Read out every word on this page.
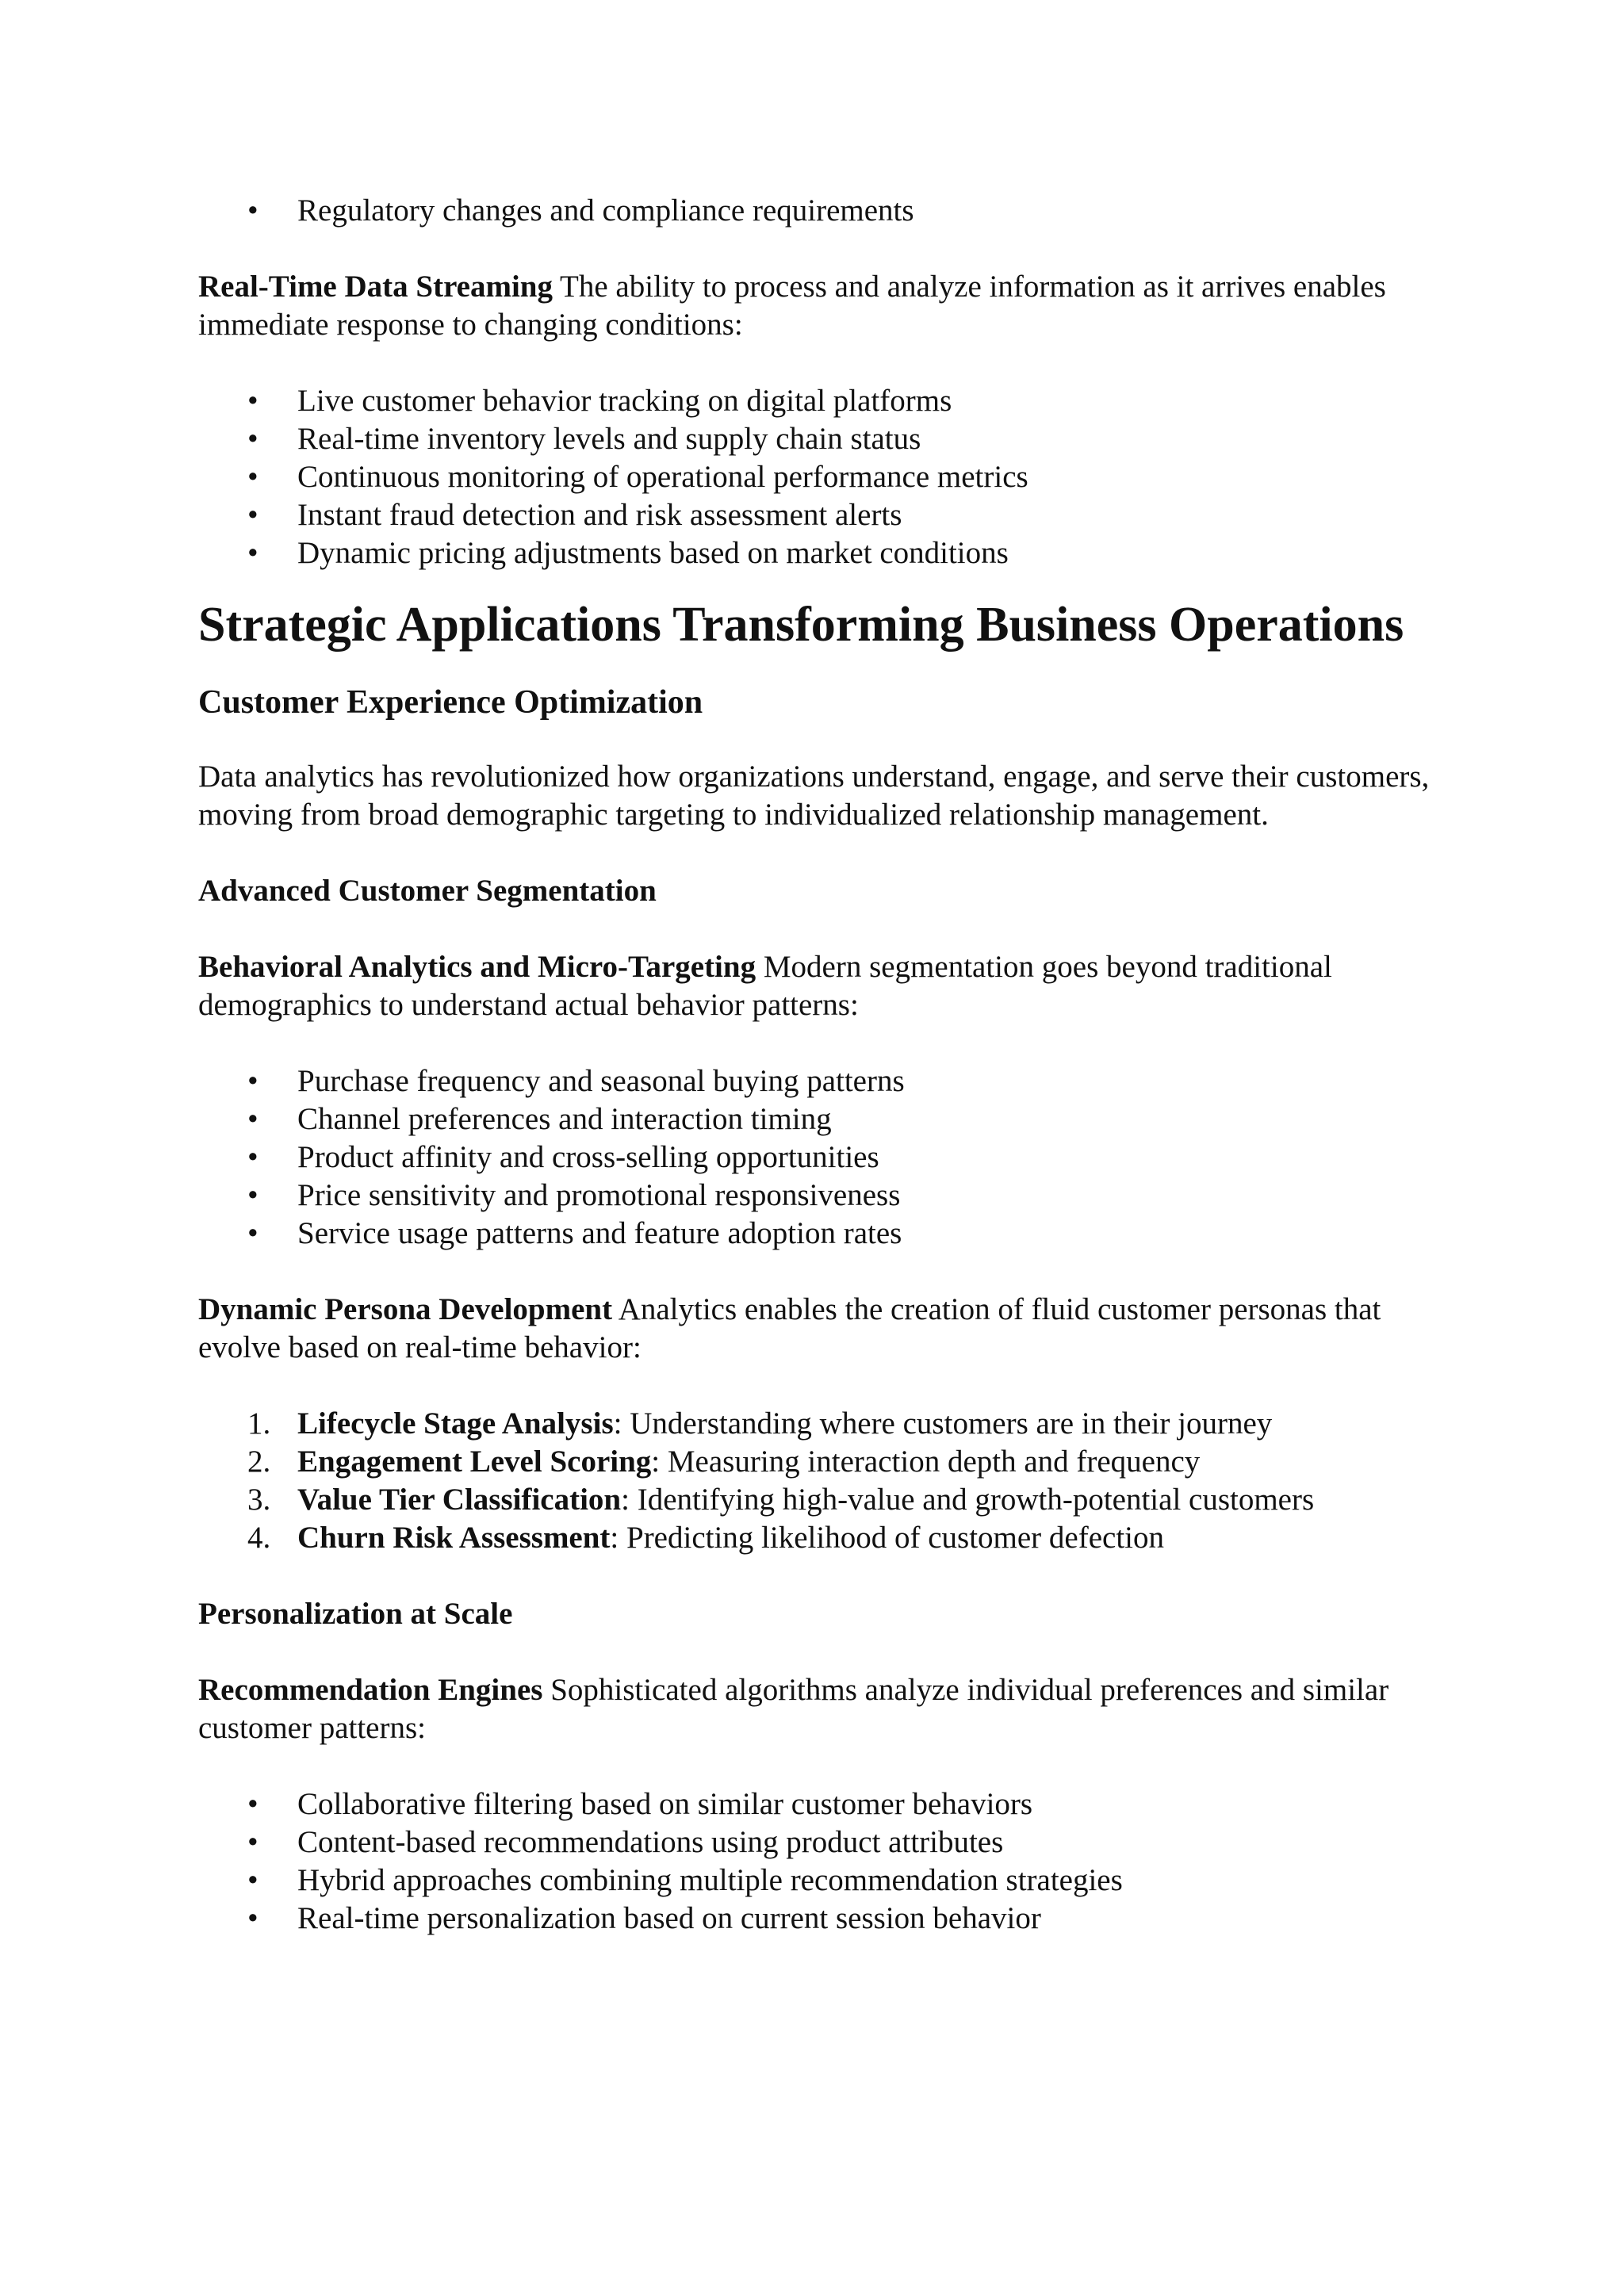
•	Regulatory changes and compliance requirements

Real-Time Data Streaming The ability to process and analyze information as it arrives enables immediate response to changing conditions:

•	Live customer behavior tracking on digital platforms
•	Real-time inventory levels and supply chain status
•	Continuous monitoring of operational performance metrics
•	Instant fraud detection and risk assessment alerts
•	Dynamic pricing adjustments based on market conditions
Strategic Applications Transforming Business Operations
Customer Experience Optimization

Data analytics has revolutionized how organizations understand, engage, and serve their customers, moving from broad demographic targeting to individualized relationship management.

Advanced Customer Segmentation

Behavioral Analytics and Micro-Targeting Modern segmentation goes beyond traditional demographics to understand actual behavior patterns:

•	Purchase frequency and seasonal buying patterns
•	Channel preferences and interaction timing
•	Product affinity and cross-selling opportunities
•	Price sensitivity and promotional responsiveness
•	Service usage patterns and feature adoption rates

Dynamic Persona Development Analytics enables the creation of fluid customer personas that evolve based on real-time behavior:

1. Lifecycle Stage Analysis: Understanding where customers are in their journey
2. Engagement Level Scoring: Measuring interaction depth and frequency
3. Value Tier Classification: Identifying high-value and growth-potential customers
4. Churn Risk Assessment: Predicting likelihood of customer defection
Personalization at Scale

Recommendation Engines Sophisticated algorithms analyze individual preferences and similar customer patterns:

•	Collaborative filtering based on similar customer behaviors
•	Content-based recommendations using product attributes
•	Hybrid approaches combining multiple recommendation strategies
•	Real-time personalization based on current session behavior
